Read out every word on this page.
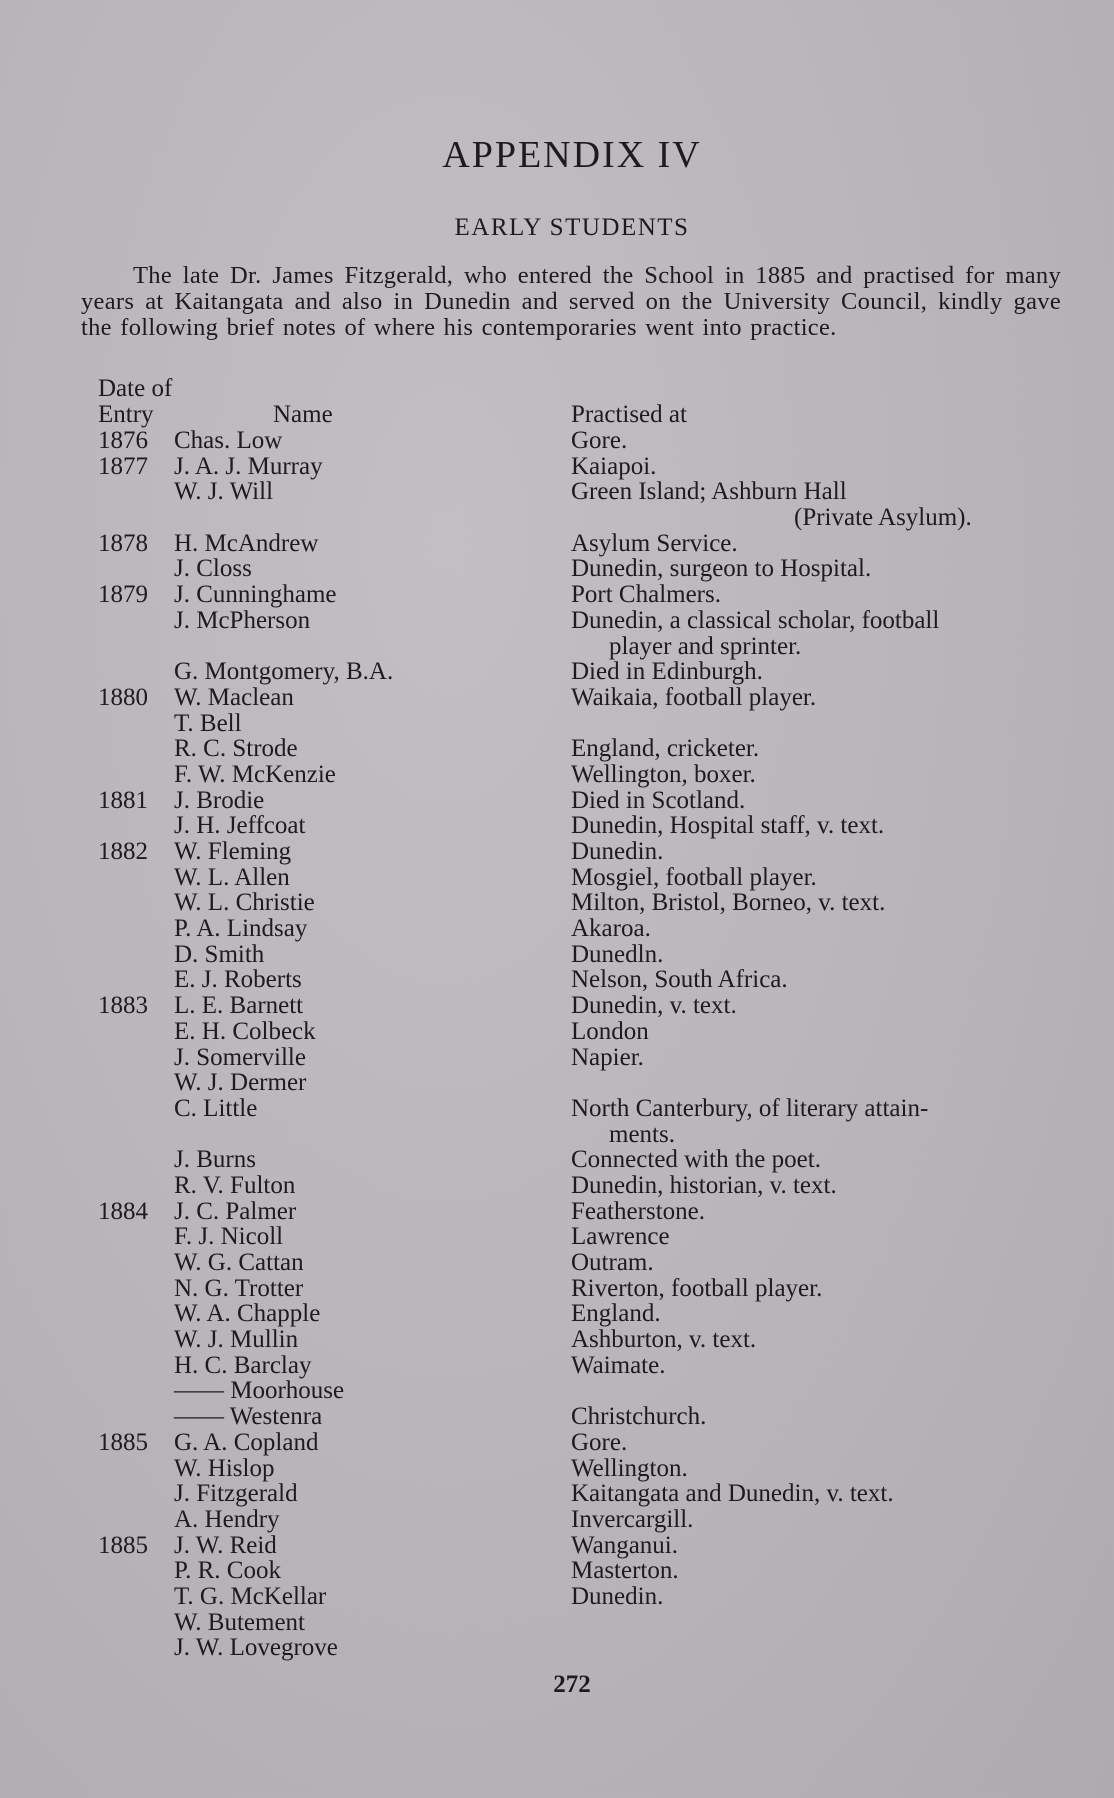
APPENDIX IV
EARLY STUDENTS
The late Dr. James Fitzgerald, who entered the School in 1885 and practised for many years at Kaitangata and also in Dunedin and served on the University Council, kindly gave the following brief notes of where his contemporaries went into practice.
Date of
Entry	Name	Practised at
1876 Chas. Low	Gore.
1877 J. A. J. Murray	Kaiapoi.
W. J. Will	Green Island; Ashburn Hall
(Private Asylum).
1878 H. McAndrew	Asylum Service.
J. Closs	Dunedin, surgeon to Hospital.
1879 J. Cunninghame	Port Chalmers.
J. McPherson	Dunedin, a classical scholar, football
player and sprinter.
G. Montgomery, B.A.	Died in Edinburgh.
1880 W. Maclean	Waikaia, football player.
T. Bell
R. C. Strode	England, cricketer.
F. W. McKenzie	Wellington, boxer.
1881 J. Brodie	Died in Scotland.
J. H. Jeffcoat	Dunedin, Hospital staff, v. text.
1882 W. Fleming	Dunedin.
W. L. Allen	Mosgiel, football player.
W. L. Christie	Milton, Bristol, Borneo, v. text.
P. A. Lindsay	Akaroa.
D. Smith	Dunedln.
E. J. Roberts	Nelson, South Africa.
1883 L. E. Barnett	Dunedin, v. text.
E. H. Colbeck	London
J. Somerville	Napier.
W. J. Dermer
C. Little	North Canterbury, of literary attain-
ments.
J. Burns	Connected with the poet.
R. V. Fulton	Dunedin, historian, v. text.
1884 J. C. Palmer	Featherstone.
F. J. Nicoll	Lawrence
W. G. Cattan	Outram.
N. G. Trotter	Riverton, football player.
W. A. Chapple	England.
W. J. Mullin	Ashburton, v. text.
H. C. Barclay	Waimate.
—— Moorhouse
—— Westenra	Christchurch.
1885 G. A. Copland	Gore.
W. Hislop	Wellington.
J. Fitzgerald	Kaitangata and Dunedin, v. text.
A. Hendry	Invercargill.
1885 J. W. Reid	Wanganui.
P. R. Cook	Masterton.
T. G. McKellar	Dunedin.
W. Butement
J. W. Lovegrove
272
